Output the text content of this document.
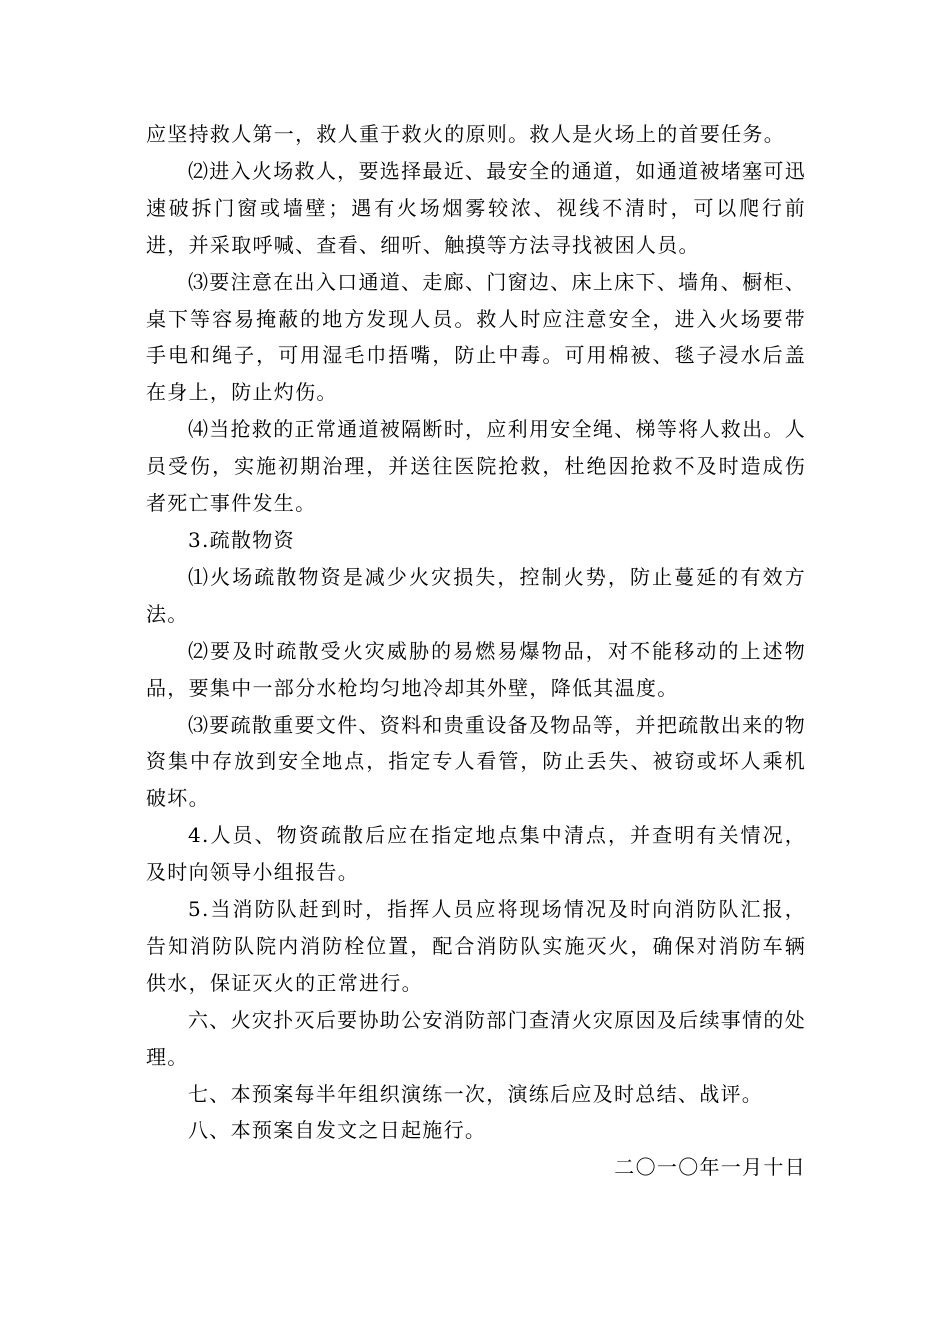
应坚持救人第一，救人重于救火的原则。救人是火场上的首要任务。

⑵进入火场救人，要选择最近、最安全的通道，如通道被堵塞可迅速破拆门窗或墙壁；遇有火场烟雾较浓、视线不清时，可以爬行前进，并采取呼喊、查看、细听、触摸等方法寻找被困人员。

⑶要注意在出入口通道、走廊、门窗边、床上床下、墙角、橱柜、桌下等容易掩蔽的地方发现人员。救人时应注意安全，进入火场要带手电和绳子，可用湿毛巾捂嘴，防止中毒。可用棉被、毯子浸水后盖在身上，防止灼伤。

⑷当抢救的正常通道被隔断时，应利用安全绳、梯等将人救出。人员受伤，实施初期治理，并送往医院抢救，杜绝因抢救不及时造成伤者死亡事件发生。

3.疏散物资

⑴火场疏散物资是减少火灾损失，控制火势，防止蔓延的有效方法。

⑵要及时疏散受火灾威胁的易燃易爆物品，对不能移动的上述物品，要集中一部分水枪均匀地冷却其外壁，降低其温度。

⑶要疏散重要文件、资料和贵重设备及物品等，并把疏散出来的物资集中存放到安全地点，指定专人看管，防止丢失、被窃或坏人乘机破坏。

4.人员、物资疏散后应在指定地点集中清点，并查明有关情况，及时向领导小组报告。

5.当消防队赶到时，指挥人员应将现场情况及时向消防队汇报，告知消防队院内消防栓位置，配合消防队实施灭火，确保对消防车辆供水，保证灭火的正常进行。

六、火灾扑灭后要协助公安消防部门查清火灾原因及后续事情的处理。

七、本预案每半年组织演练一次，演练后应及时总结、战评。

八、本预案自发文之日起施行。

二〇一〇年一月十日
